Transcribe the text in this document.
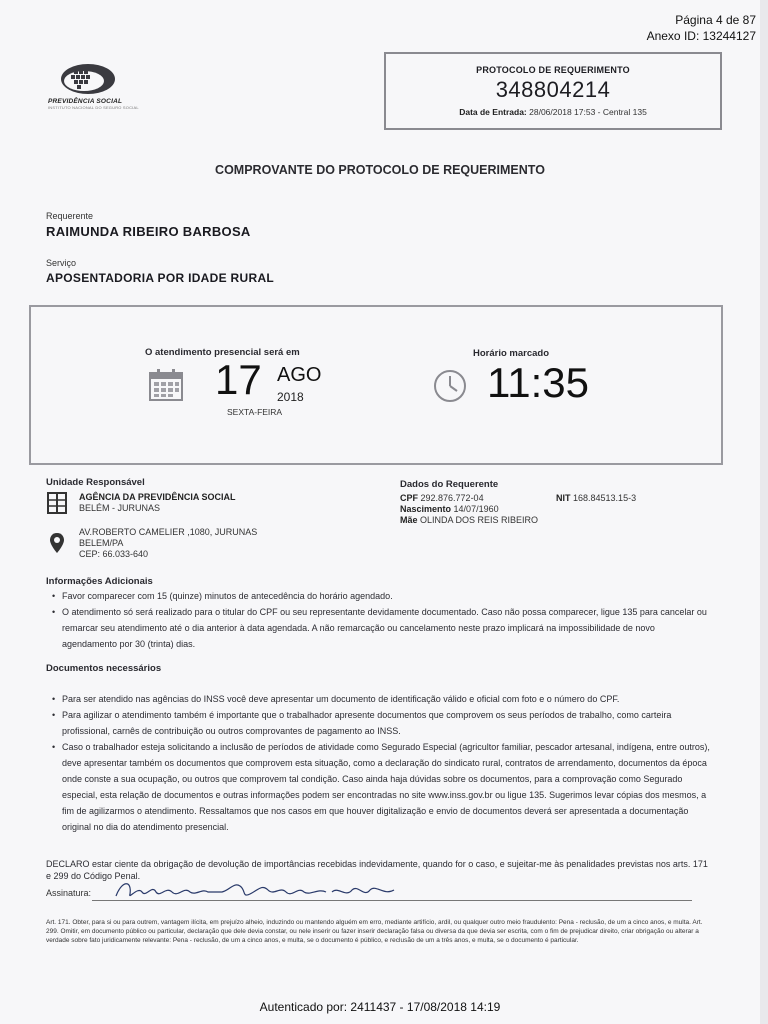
Página 4 de 87
Anexo ID: 13244127
PREVIDÊNCIA SOCIAL
INSTITUTO NACIONAL DO SEGURO SOCIAL
PROTOCOLO DE REQUERIMENTO
348804214
Data de Entrada: 28/06/2018 17:53 - Central 135
COMPROVANTE DO PROTOCOLO DE REQUERIMENTO
Requerente
RAIMUNDA RIBEIRO BARBOSA
Serviço
APOSENTADORIA POR IDADE RURAL
O atendimento presencial será em	Horário marcado
17 AGO
2018
SEXTA-FEIRA
11:35
Unidade Responsável
AGÊNCIA DA PREVIDÊNCIA SOCIAL
BELÉM - JURUNAS
AV.ROBERTO CAMELIER ,1080, JURUNAS
BELEM/PA
CEP: 66.033-640
Dados do Requerente
CPF 292.876.772-04	NIT 168.84513.15-3
Nascimento 14/07/1960
Mãe OLINDA DOS REIS RIBEIRO
Informações Adicionais
• Favor comparecer com 15 (quinze) minutos de antecedência do horário agendado.
• O atendimento só será realizado para o titular do CPF ou seu representante devidamente documentado. Caso não possa comparecer, ligue 135 para cancelar ou remarcar seu atendimento até o dia anterior à data agendada. A não remarcação ou cancelamento neste prazo implicará na impossibilidade de novo agendamento por 30 (trinta) dias.
Documentos necessários
• Para ser atendido nas agências do INSS você deve apresentar um documento de identificação válido e oficial com foto e o número do CPF.
• Para agilizar o atendimento também é importante que o trabalhador apresente documentos que comprovem os seus períodos de trabalho, como carteira profissional, carnês de contribuição ou outros comprovantes de pagamento ao INSS.
• Caso o trabalhador esteja solicitando a inclusão de períodos de atividade como Segurado Especial (agricultor familiar, pescador artesanal, indígena, entre outros), deve apresentar também os documentos que comprovem esta situação, como a declaração do sindicato rural, contratos de arrendamento, documentos da época onde conste a sua ocupação, ou outros que comprovem tal condição. Caso ainda haja dúvidas sobre os documentos, para a comprovação como Segurado especial, esta relação de documentos e outras informações podem ser encontradas no site www.inss.gov.br ou ligue 135. Sugerimos levar cópias dos mesmos, a fim de agilizarmos o atendimento. Ressaltamos que nos casos em que houver digitalização e envio de documentos deverá ser apresentada a documentação original no dia do atendimento presencial.
DECLARO estar ciente da obrigação de devolução de importâncias recebidas indevidamente, quando for o caso, e sujeitar-me às penalidades previstas nos arts. 171 e 299 do Código Penal.
Assinatura:
Art. 171. Obter, para si ou para outrem, vantagem ilícita, em prejuízo alheio, induzindo ou mantendo alguém em erro, mediante artifício, ardil, ou qualquer outro meio fraudulento: Pena - reclusão, de um a cinco anos, e multa. Art. 299. Omitir, em documento público ou particular, declaração que dele devia constar, ou nele inserir ou fazer inserir declaração falsa ou diversa da que devia ser escrita, com o fim de prejudicar direito, criar obrigação ou alterar a verdade sobre fato juridicamente relevante: Pena - reclusão, de um a cinco anos, e multa, se o documento é público, e reclusão de um a três anos, e multa, se o documento é particular.
Autenticado por: 2411437 - 17/08/2018 14:19
